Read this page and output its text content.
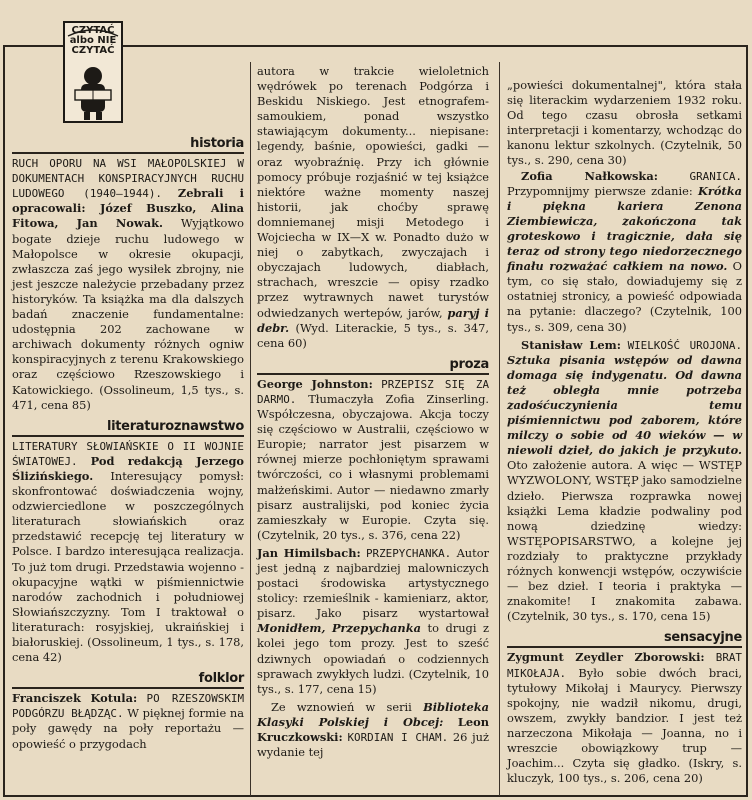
CZYTAĆ albo NIE CZYTAĆ
historia

RUCH OPORU NA WSI MAŁOPOLSKIEJ W DOKUMENTACH KONSPIRACYJNYCH RUCHU LUDOWEGO (1940—1944). Zebrali i opracowali: Józef Buszko, Alina Fitowa, Jan Nowak. Wyjątkowo bogate dzieje ruchu ludowego w Małopolsce w okresie okupacji, zwłaszcza zaś jego wysiłek zbrojny, nie jest jeszcze należycie przebadany przez historyków. Ta książka ma dla dalszych badań znaczenie fundamentalne: udostępnia 202 zachowane w archiwach dokumenty różnych ogniw konspiracyjnych z terenu Krakowskiego oraz częściowo Rzeszowskiego i Katowickiego. (Ossolineum, 1,5 tys., s. 471, cena 85)

literaturoznawstwo

LITERATURY SŁOWIAŃSKIE O II WOJNIE ŚWIATOWEJ. Pod redakcją Jerzego Ślizińskiego. Interesujący pomysł: skonfrontować doświadczenia wojny, odzwierciedlone w poszczególnych literaturach słowiańskich oraz przedstawić recepcję tej literatury w Polsce. I bardzo interesująca realizacja. To już tom drugi. Przedstawia wojenno - okupacyjne wątki w piśmiennictwie narodów zachodnich i południowej Słowiańszczyzny. Tom I traktował o literaturach: rosyjskiej, ukraińskiej i białoruskiej. (Ossolineum, 1 tys., s. 178, cena 42)

folklor

Franciszek Kotula: PO RZESZOWSKIM PODGÓRZU BŁĄDZĄC. W pięknej formie na poły gawędy na poły reportażu — opowieść o przygodach

autora w trakcie wieloletnich wędrówek po terenach Podgórza i Beskidu Niskiego. Jest etnografem-samoukiem, ponad wszystko stawiającym dokumenty... niepisane: legendy, baśnie, opowieści, gadki — oraz wyobraźnię. Przy ich głównie pomocy próbuje rozjaśnić w tej książce niektóre ważne momenty naszej historii, jak choćby sprawę domniemanej misji Metodego i Wojciecha w IX—X w. Ponadto dużo w niej o zabytkach, zwyczajach i obyczajach ludowych, diabłach, strachach, wreszcie — opisy rzadko przez wytrawnych nawet turystów odwiedzanych wertepów, jarów, paryj i debr. (Wyd. Literackie, 5 tys., s. 347, cena 60)

proza

George Johnston: PRZEPISZ SIĘ ZA DARMO. Tłumaczyła Zofia Zinserling. Współczesna, obyczajowa. Akcja toczy się częściowo w Australii, częściowo w Europie; narrator jest pisarzem w równej mierze pochłoniętym sprawami twórczości, co i własnymi problemami małżeńskimi. Autor — niedawno zmarły pisarz australijski, pod koniec życia zamieszkały w Europie. Czyta się. (Czytelnik, 20 tys., s. 376, cena 22)

Jan Himilsbach: PRZEPYCHANKA. Autor jest jedną z najbardziej malowniczych postaci środowiska artystycznego stolicy: rzemieślnik - kamieniarz, aktor, pisarz. Jako pisarz wystartował Monidłem, Przepychanka to drugi z kolei jego tom prozy. Jest to sześć dziwnych opowiadań o codziennych sprawach zwykłych ludzi. (Czytelnik, 10 tys., s. 177, cena 15)

Ze wznowień w serii Biblioteka Klasyki Polskiej i Obcej: Leon Kruczkowski: KORDIAN I CHAM. 26 już wydanie tej

„powieści dokumentalnej", która stała się literackim wydarzeniem 1932 roku. Od tego czasu obrosła setkami interpretacji i komentarzy, wchodząc do kanonu lektur szkolnych. (Czytelnik, 50 tys., s. 290, cena 30)

Zofia Nałkowska:	GRANICA. Przypomnijmy pierwsze zdanie: Krótka i piękna kariera Zenona Ziembiewicza, zakończona tak groteskowo i tragicznie, dała się teraz od strony tego niedorzecznego finału rozważać całkiem na nowo. O tym, co się stało, dowiadujemy się z ostatniej stronicy, a powieść odpowiada na pytanie: dlaczego? (Czytelnik, 100 tys., s. 309, cena 30)

Stanisław Lem: WIELKOŚĆ UROJONA. Sztuka pisania wstępów od dawna domaga się indygenatu. Od dawna też obległa mnie potrzeba zadośćuczynienia temu piśmiennictwu pod zaborem, które milczy o sobie od 40 wieków — w niewoli dzieł, do jakich je przykuto. Oto założenie autora. A więc — WSTĘP WYZWOLONY, WSTĘP jako samodzielne dzieło. Pierwsza rozprawka nowej książki Lema kładzie podwaliny pod nową dziedzinę wiedzy: WSTĘPOPISARSTWO, a kolejne jej rozdziały to praktyczne przykłady różnych konwencji wstępów, oczywiście — bez dzieł. I teoria i praktyka — znakomite! I znakomita zabawa. (Czytelnik, 30 tys., s. 170, cena 15)

sensacyjne

Zygmunt Zeydler Zborowski: BRAT MIKOŁAJA. Było sobie dwóch braci, tytułowy Mikołaj i Maurycy. Pierwszy spokojny, nie wadził nikomu, drugi, owszem, zwykły bandzior. I jest też narzeczona Mikołaja — Joanna, no i wreszcie obowiązkowy trup — Joachim... Czyta się gładko. (Iskry, s. kluczyk, 100 tys., s. 206, cena 20)
